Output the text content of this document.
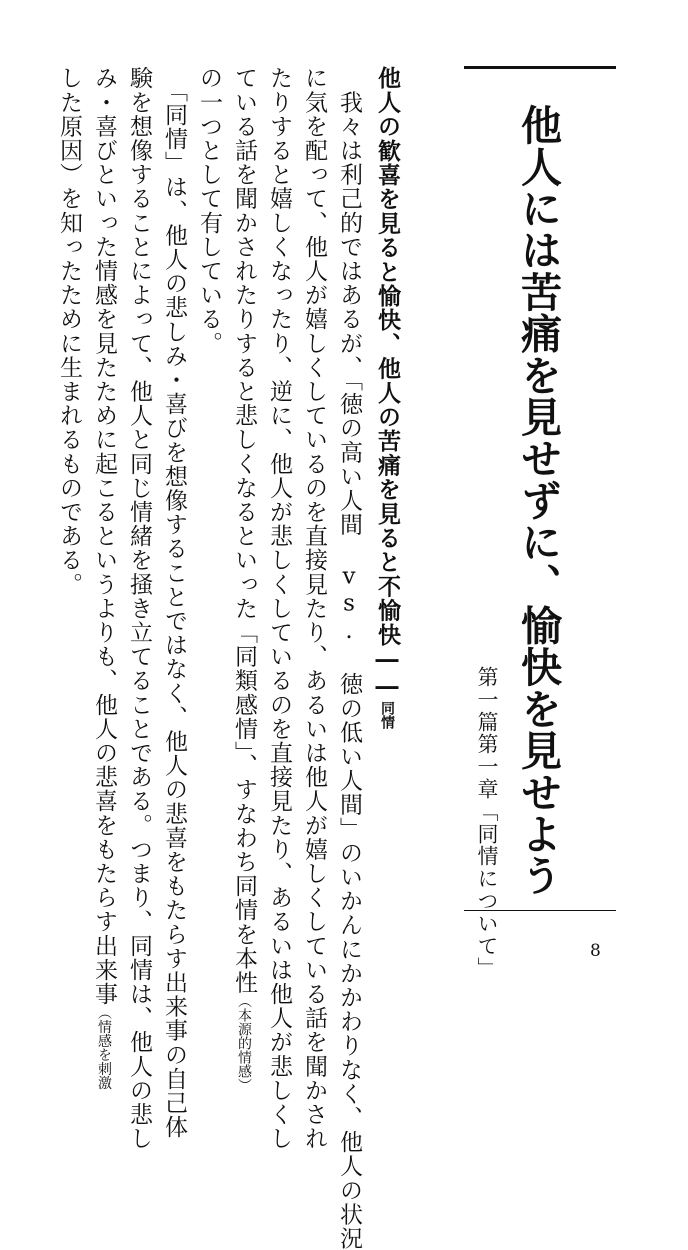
他人には苦痛を見せずに、愉快を見せよう
第一篇第一章「同情について」
他人の歓喜を見ると愉快、他人の苦痛を見ると不愉快――同情
　我々は利己的ではあるが、「徳の高い人間 vs. 徳の低い人間」のいかんにかかわりなく、他人の状況
に気を配って、他人が嬉しくしているのを直接見たり、あるいは他人が嬉しくしている話を聞かされ
たりすると嬉しくなったり、逆に、他人が悲しくしているのを直接見たり、あるいは他人が悲しくし
ている話を聞かされたりすると悲しくなるといった「同類感情」、すなわち同情を本性（本源的情感）
の一つとして有している。
　「同情」は、他人の悲しみ・喜びを想像することではなく、他人の悲喜をもたらす出来事の自己体
験を想像することによって、他人と同じ情緒を掻き立てることである。つまり、同情は、他人の悲し
み・喜びといった情感を見たために起こるというよりも、他人の悲喜をもたらす出来事（情感を刺激
した原因）を知ったために生まれるものである。
8
